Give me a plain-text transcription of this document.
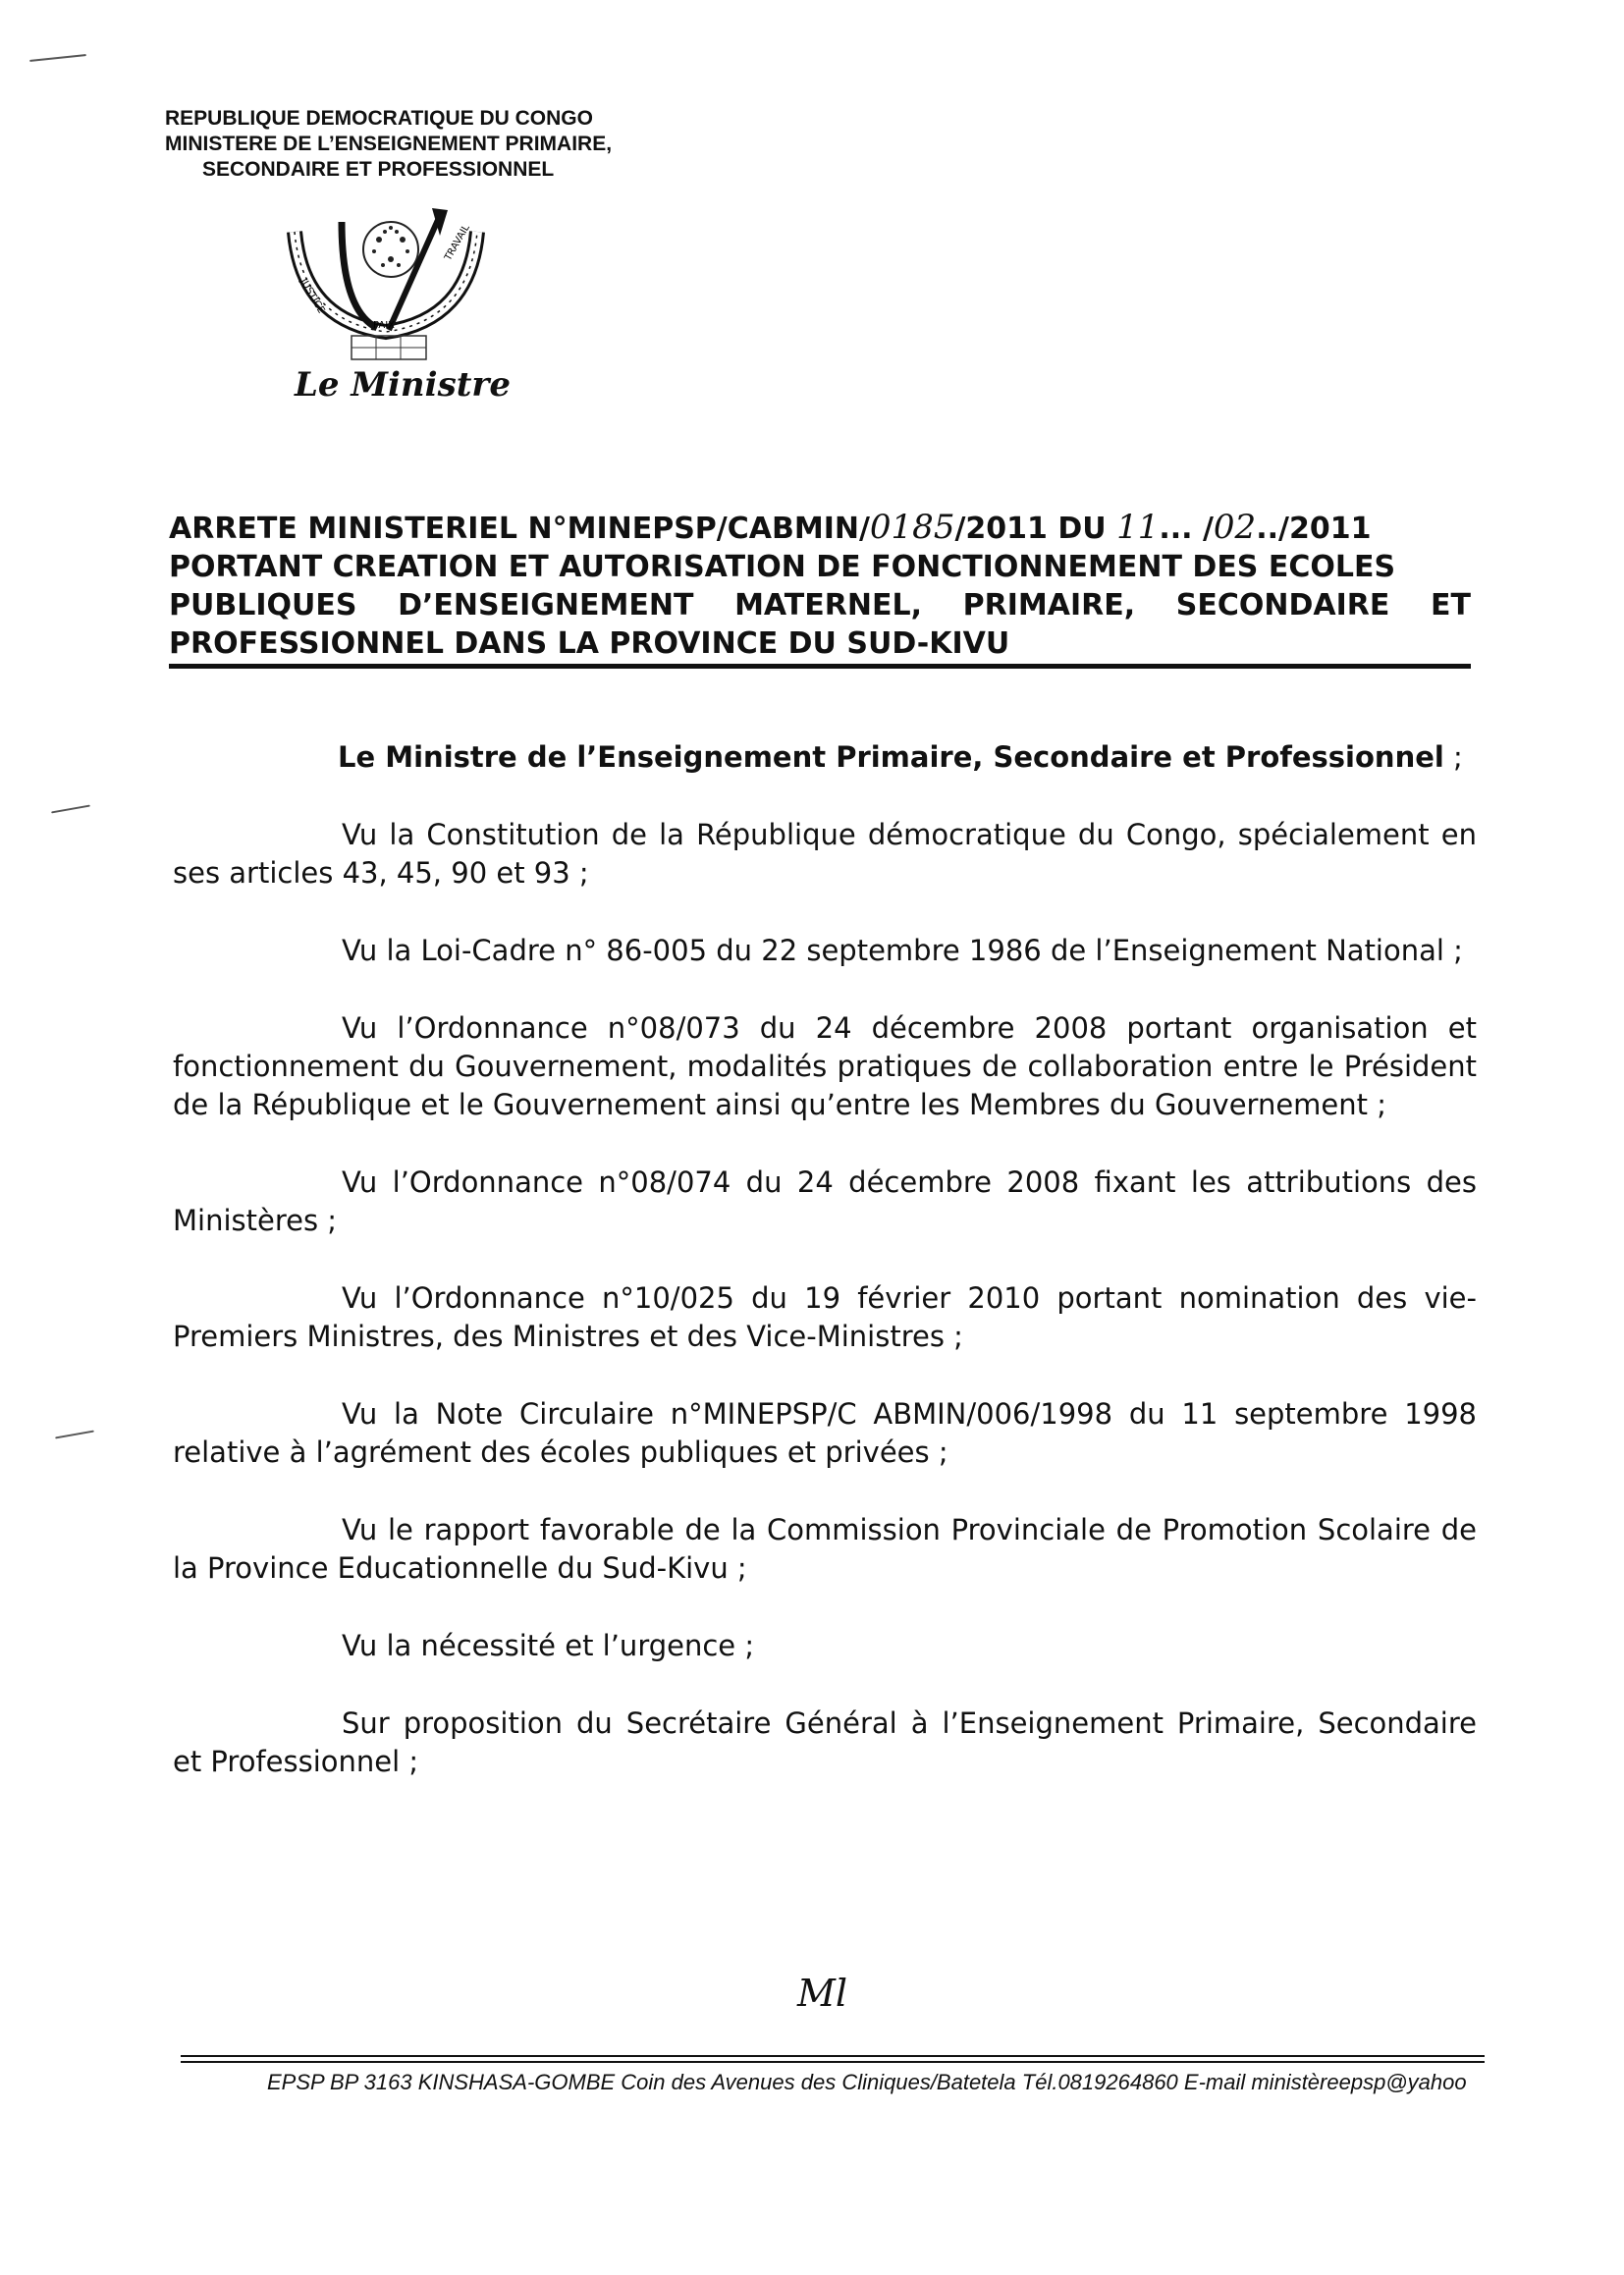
REPUBLIQUE DEMOCRATIQUE DU CONGO
MINISTERE DE L’ENSEIGNEMENT PRIMAIRE,
SECONDAIRE ET PROFESSIONNEL
JUSTICE
PAIX
TRAVAIL
Le Ministre
ARRETE MINISTERIEL N°MINEPSP/CABMIN/0185/2011 DU 11... /02../2011
PORTANT CREATION ET AUTORISATION DE FONCTIONNEMENT DES ECOLES
PUBLIQUES D’ENSEIGNEMENT MATERNEL, PRIMAIRE, SECONDAIRE ET
PROFESSIONNEL DANS LA PROVINCE DU SUD-KIVU

Le Ministre de l’Enseignement Primaire, Secondaire et Professionnel ;

Vu la Constitution de la République démocratique du Congo, spécialement en ses articles 43, 45, 90 et 93 ;

Vu la Loi-Cadre n° 86-005 du 22 septembre 1986 de l’Enseignement National ;

Vu l’Ordonnance n°08/073 du 24 décembre 2008 portant organisation et fonctionnement du Gouvernement, modalités pratiques de collaboration entre le Président de la République et le Gouvernement ainsi qu’entre les Membres du Gouvernement ;

Vu l’Ordonnance n°08/074 du 24 décembre 2008 fixant les attributions des Ministères ;

Vu l’Ordonnance n°10/025 du 19 février 2010 portant nomination des vie-Premiers Ministres, des Ministres et des Vice-Ministres ;

Vu la Note Circulaire n°MINEPSP/C ABMIN/006/1998 du 11 septembre 1998 relative à l’agrément des écoles publiques et privées ;

Vu le rapport favorable de la Commission Provinciale de Promotion Scolaire de la Province Educationnelle du Sud-Kivu ;

Vu la nécessité et l’urgence ;

Sur proposition du Secrétaire Général à l’Enseignement Primaire, Secondaire et Professionnel ;

Ml
EPSP BP 3163 KINSHASA-GOMBE Coin des Avenues des Cliniques/Batetela Tél.0819264860 E-mail ministèreepsp@yahoo
